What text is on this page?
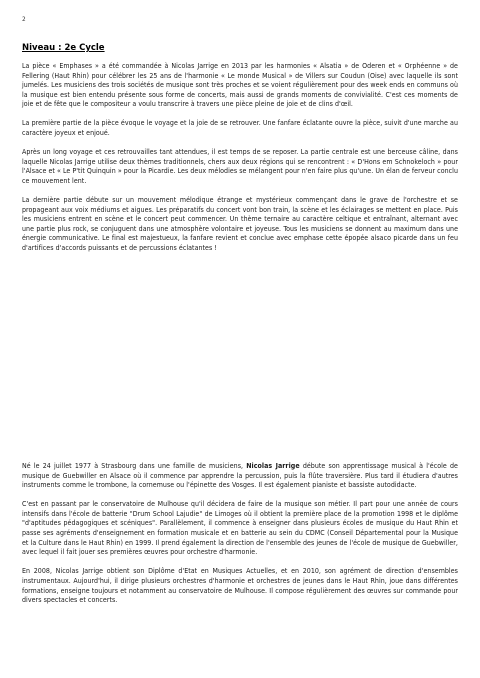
2
Niveau : 2e Cycle

La pièce « Emphases » a été commandée à Nicolas Jarrige en 2013 par les harmonies « Alsatia » de Oderen et « Orphéenne » de Fellering (Haut Rhin) pour célébrer les 25 ans de l'harmonie « Le monde Musical » de Villers sur Coudun (Oise) avec laquelle ils sont jumelés. Les musiciens des trois sociétés de musique sont très proches et se voient régulièrement pour des week ends en communs où la musique est bien entendu présente sous forme de concerts, mais aussi de grands moments de convivialité. C'est ces moments de joie et de fête que le compositeur a voulu transcrire à travers une pièce pleine de joie et de clins d'œil.

La première partie de la pièce évoque le voyage et la joie de se retrouver. Une fanfare éclatante ouvre la pièce, suivit d'une marche au caractère joyeux et enjoué.

Après un long voyage et ces retrouvailles tant attendues, il est temps de se reposer. La partie centrale est une berceuse câline, dans laquelle Nicolas Jarrige utilise deux thèmes traditionnels, chers aux deux régions qui se rencontrent : « D'Hons em Schnokeloch » pour l'Alsace et « Le P'tit Quinquin » pour la Picardie. Les deux mélodies se mélangent pour n'en faire plus qu'une. Un élan de ferveur conclu ce mouvement lent.

La dernière partie débute sur un mouvement mélodique étrange et mystérieux commençant dans le grave de l'orchestre et se propageant aux voix médiums et aigues. Les préparatifs du concert vont bon train, la scène et les éclairages se mettent en place. Puis les musiciens entrent en scène et le concert peut commencer. Un thème ternaire au caractère celtique et entraînant, alternant avec une partie plus rock, se conjuguent dans une atmosphère volontaire et joyeuse. Tous les musiciens se donnent au maximum dans une énergie communicative. Le final est majestueux, la fanfare revient et conclue avec emphase cette épopée alsaco picarde dans un feu d'artifices d'accords puissants et de percussions éclatantes !

Né le 24 juillet 1977 à Strasbourg dans une famille de musiciens, Nicolas Jarrige débute son apprentissage musical à l'école de musique de Guebwiller en Alsace où il commence par apprendre la percussion, puis la flûte traversière. Plus tard il étudiera d'autres instruments comme le trombone, la cornemuse ou l'épinette des Vosges. Il est également pianiste et bassiste autodidacte.

C'est en passant par le conservatoire de Mulhouse qu'il décidera de faire de la musique son métier. Il part pour une année de cours intensifs dans l'école de batterie "Drum School Lajudie" de Limoges où il obtient la première place de la promotion 1998 et le diplôme "d'aptitudes pédagogiques et scéniques". Parallèlement, il commence à enseigner dans plusieurs écoles de musique du Haut Rhin et passe ses agréments d'enseignement en formation musicale et en batterie au sein du CDMC (Conseil Départemental pour la Musique et la Culture dans le Haut Rhin) en 1999. Il prend également la direction de l'ensemble des jeunes de l'école de musique de Guebwiller, avec lequel il fait jouer ses premières œuvres pour orchestre d'harmonie.

En 2008, Nicolas Jarrige obtient son Diplôme d'Etat en Musiques Actuelles, et en 2010, son agrément de direction d'ensembles instrumentaux. Aujourd'hui, il dirige plusieurs orchestres d'harmonie et orchestres de jeunes dans le Haut Rhin, joue dans différentes formations, enseigne toujours et notamment au conservatoire de Mulhouse. Il compose régulièrement des œuvres sur commande pour divers spectacles et concerts.
